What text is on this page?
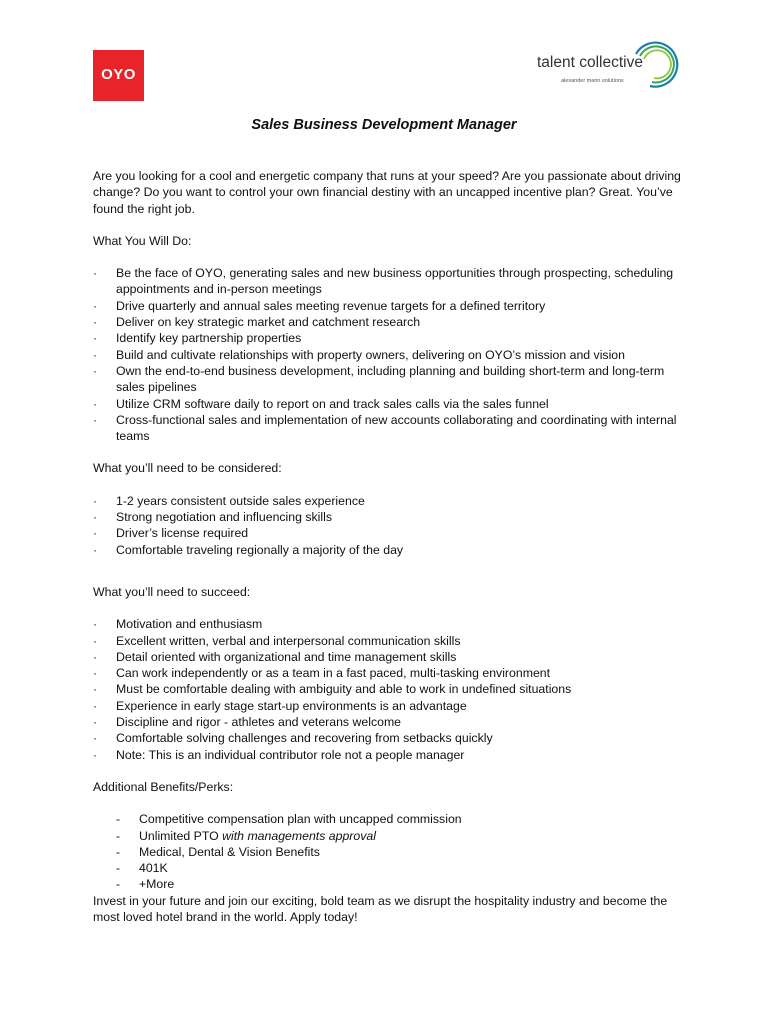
OYO
talent collective
alexander mann solutions
Sales Business Development Manager

Are you looking for a cool and energetic company that runs at your speed? Are you passionate about driving change? Do you want to control your own financial destiny with an uncapped incentive plan? Great. You’ve found the right job.

What You Will Do:

· Be the face of OYO, generating sales and new business opportunities through prospecting, scheduling appointments and in-person meetings
· Drive quarterly and annual sales meeting revenue targets for a defined territory
· Deliver on key strategic market and catchment research
· Identify key partnership properties
· Build and cultivate relationships with property owners, delivering on OYO’s mission and vision
· Own the end-to-end business development, including planning and building short-term and long-term sales pipelines
· Utilize CRM software daily to report on and track sales calls via the sales funnel
· Cross-functional sales and implementation of new accounts collaborating and coordinating with internal teams

What you’ll need to be considered:

· 1-2 years consistent outside sales experience
· Strong negotiation and influencing skills
· Driver’s license required
· Comfortable traveling regionally a majority of the day

What you’ll need to succeed:

· Motivation and enthusiasm
· Excellent written, verbal and interpersonal communication skills
· Detail oriented with organizational and time management skills
· Can work independently or as a team in a fast paced, multi-tasking environment
· Must be comfortable dealing with ambiguity and able to work in undefined situations
· Experience in early stage start-up environments is an advantage
· Discipline and rigor - athletes and veterans welcome
· Comfortable solving challenges and recovering from setbacks quickly
· Note: This is an individual contributor role not a people manager

Additional Benefits/Perks:

- Competitive compensation plan with uncapped commission
- Unlimited PTO with managements approval
- Medical, Dental & Vision Benefits
- 401K
- +More

Invest in your future and join our exciting, bold team as we disrupt the hospitality industry and become the most loved hotel brand in the world. Apply today!
